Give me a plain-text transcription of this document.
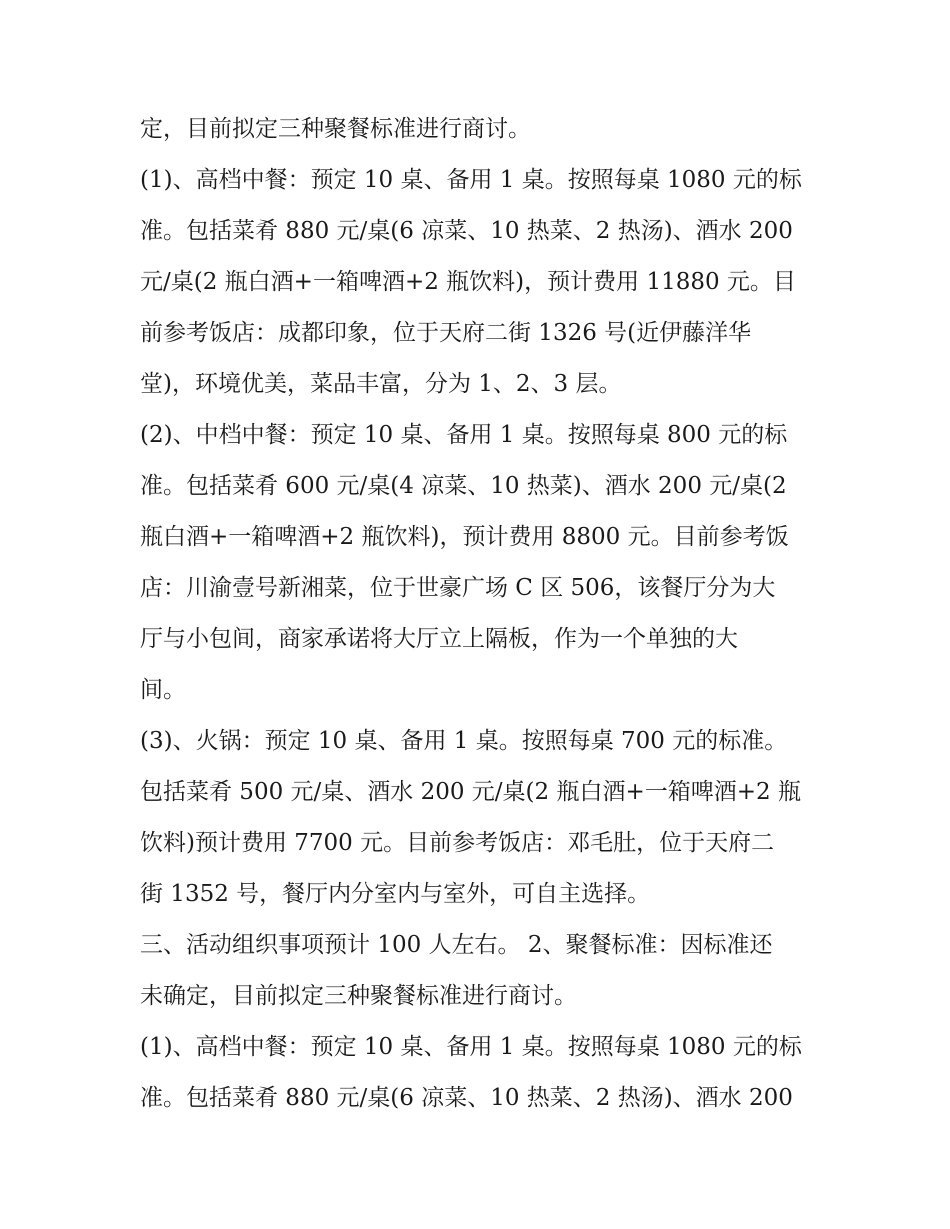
定，目前拟定三种聚餐标准进行商讨。
(1)、高档中餐：预定 10 桌、备用 1 桌。按照每桌 1080 元的标
准。包括菜肴 880 元/桌(6 凉菜、10 热菜、2 热汤)、酒水 200
元/桌(2 瓶白酒+一箱啤酒+2 瓶饮料)，预计费用 11880 元。目
前参考饭店：成都印象，位于天府二街 1326 号(近伊藤洋华
堂)，环境优美，菜品丰富，分为 1、2、3 层。
(2)、中档中餐：预定 10 桌、备用 1 桌。按照每桌 800 元的标
准。包括菜肴 600 元/桌(4 凉菜、10 热菜)、酒水 200 元/桌(2
瓶白酒+一箱啤酒+2 瓶饮料)，预计费用 8800 元。目前参考饭
店：川渝壹号新湘菜，位于世豪广场 C 区 506，该餐厅分为大
厅与小包间，商家承诺将大厅立上隔板，作为一个单独的大
间。
(3)、火锅：预定 10 桌、备用 1 桌。按照每桌 700 元的标准。
包括菜肴 500 元/桌、酒水 200 元/桌(2 瓶白酒+一箱啤酒+2 瓶
饮料)预计费用 7700 元。目前参考饭店：邓毛肚，位于天府二
街 1352 号，餐厅内分室内与室外，可自主选择。
三、活动组织事项预计 100 人左右。 2、聚餐标准：因标准还
未确定，目前拟定三种聚餐标准进行商讨。
(1)、高档中餐：预定 10 桌、备用 1 桌。按照每桌 1080 元的标
准。包括菜肴 880 元/桌(6 凉菜、10 热菜、2 热汤)、酒水 200
